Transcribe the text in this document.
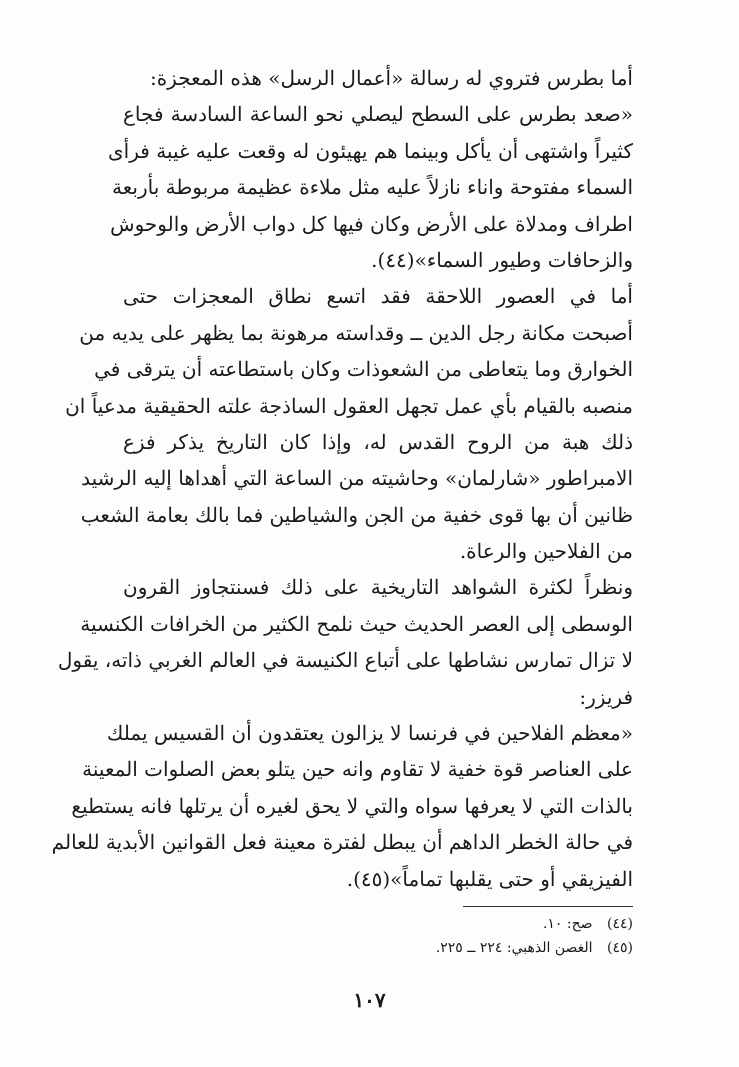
أما بطرس فتروي له رسالة «أعمال الرسل» هذه المعجزة:
«صعد بطرس على السطح ليصلي نحو الساعة السادسة فجاع
كثيراً واشتهى أن يأكل وبينما هم يهيئون له وقعت عليه غيبة فرأى
السماء مفتوحة واناء نازلاً عليه مثل ملاءة عظيمة مربوطة بأربعة
اطراف ومدلاة على الأرض وكان فيها كل دواب الأرض والوحوش
والزحافات وطيور السماء»(٤٤).
أما في العصور اللاحقة فقد اتسع نطاق المعجزات حتى
أصبحت مكانة رجل الدين ــ وقداسته مرهونة بما يظهر على يديه من
الخوارق وما يتعاطى من الشعوذات وكان باستطاعته أن يترقى في
منصبه بالقيام بأي عمل تجهل العقول الساذجة علته الحقيقية مدعياً ان
ذلك هبة من الروح القدس له، وإذا كان التاريخ يذكر فزع
الامبراطور «شارلمان» وحاشيته من الساعة التي أهداها إليه الرشيد
ظانين أن بها قوى خفية من الجن والشياطين فما بالك بعامة الشعب
من الفلاحين والرعاة.
ونظراً لكثرة الشواهد التاريخية على ذلك فسنتجاوز القرون
الوسطى إلى العصر الحديث حيث نلمح الكثير من الخرافات الكنسية
لا تزال تمارس نشاطها على أتباع الكنيسة في العالم الغربي ذاته، يقول
فريزر:
«معظم الفلاحين في فرنسا لا يزالون يعتقدون أن القسيس يملك
على العناصر قوة خفية لا تقاوم وانه حين يتلو بعض الصلوات المعينة
بالذات التي لا يعرفها سواه والتي لا يحق لغيره أن يرتلها فانه يستطيع
في حالة الخطر الداهم أن يبطل لفترة معينة فعل القوانين الأبدية للعالم
الفيزيقي أو حتى يقلبها تماماً»(٤٥).
(٤٤) صح: ١٠.
(٤٥) الغصن الذهبي: ٢٢٤ ــ ٢٢٥.
١٠٧
